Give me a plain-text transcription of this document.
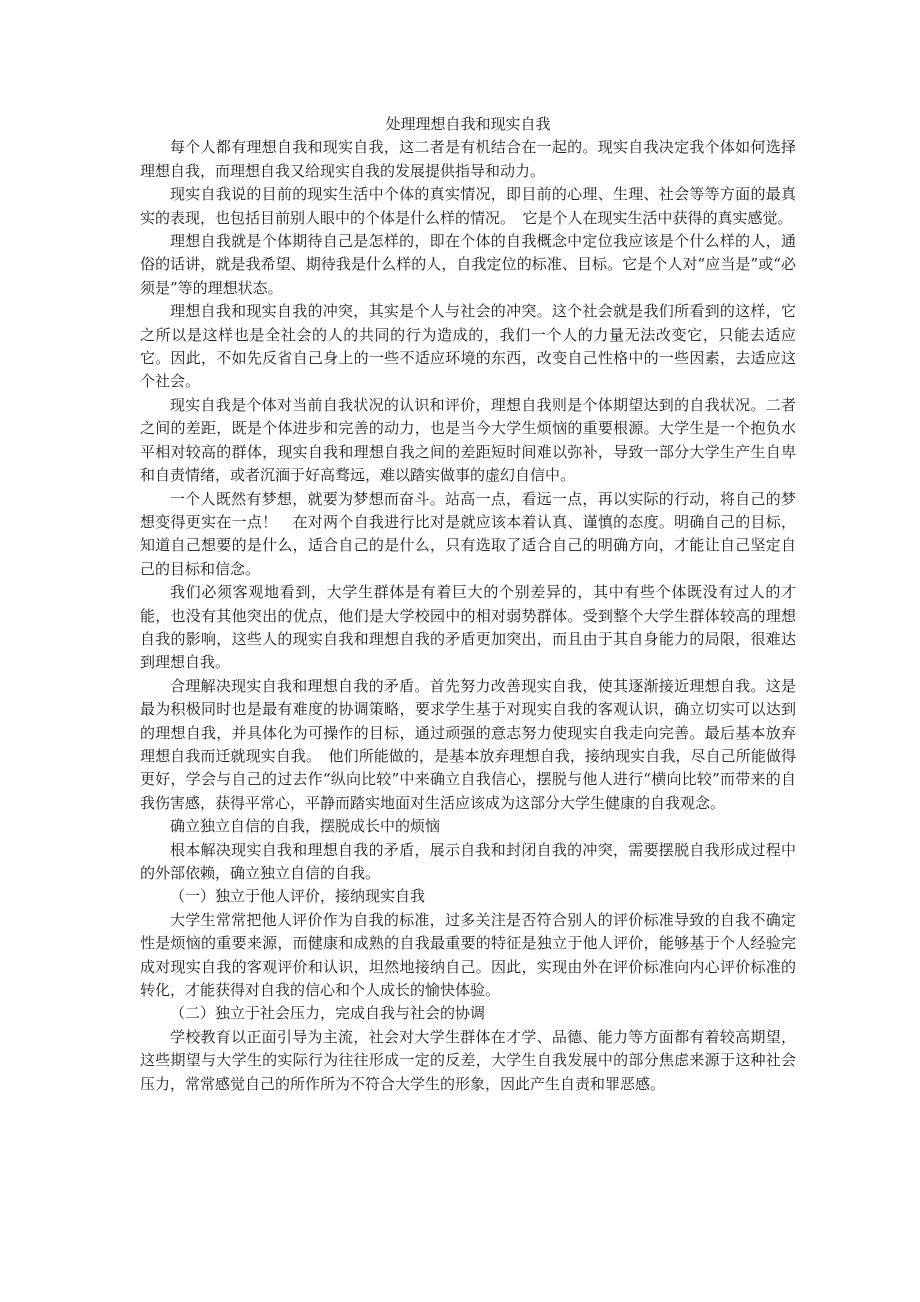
处理理想自我和现实自我

每个人都有理想自我和现实自我，这二者是有机结合在一起的。现实自我决定我个体如何选择理想自我，而理想自我又给现实自我的发展提供指导和动力。

现实自我说的目前的现实生活中个体的真实情况，即目前的心理、生理、社会等等方面的最真实的表现，也包括目前别人眼中的个体是什么样的情况。　它是个人在现实生活中获得的真实感觉。

理想自我就是个体期待自己是怎样的，即在个体的自我概念中定位我应该是个什么样的人，通俗的话讲，就是我希望、期待我是什么样的人，自我定位的标准、目标。它是个人对“应当是”或“必须是”等的理想状态。

理想自我和现实自我的冲突，其实是个人与社会的冲突。这个社会就是我们所看到的这样，它之所以是这样也是全社会的人的共同的行为造成的，我们一个人的力量无法改变它，只能去适应它。因此，不如先反省自己身上的一些不适应环境的东西，改变自己性格中的一些因素，去适应这个社会。

现实自我是个体对当前自我状况的认识和评价，理想自我则是个体期望达到的自我状况。二者之间的差距，既是个体进步和完善的动力，也是当今大学生烦恼的重要根源。大学生是一个抱负水平相对较高的群体，现实自我和理想自我之间的差距短时间难以弥补，导致一部分大学生产生自卑和自责情绪，或者沉湎于好高骛远，难以踏实做事的虚幻自信中。

一个人既然有梦想，就要为梦想而奋斗。站高一点，看远一点，再以实际的行动，将自己的梦想变得更实在一点！　在对两个自我进行比对是就应该本着认真、谨慎的态度。明确自己的目标，知道自己想要的是什么，适合自己的是什么，只有选取了适合自己的明确方向，才能让自己坚定自己的目标和信念。

我们必须客观地看到，大学生群体是有着巨大的个别差异的，其中有些个体既没有过人的才能，也没有其他突出的优点，他们是大学校园中的相对弱势群体。受到整个大学生群体较高的理想自我的影响，这些人的现实自我和理想自我的矛盾更加突出，而且由于其自身能力的局限，很难达到理想自我。

合理解决现实自我和理想自我的矛盾。首先努力改善现实自我，使其逐渐接近理想自我。这是最为积极同时也是最有难度的协调策略，要求学生基于对现实自我的客观认识，确立切实可以达到的理想自我，并具体化为可操作的目标，通过顽强的意志努力使现实自我走向完善。最后基本放弃理想自我而迁就现实自我。　他们所能做的，是基本放弃理想自我，接纳现实自我，尽自己所能做得更好，学会与自己的过去作“纵向比较”中来确立自我信心，摆脱与他人进行“横向比较”而带来的自我伤害感，获得平常心，平静而踏实地面对生活应该成为这部分大学生健康的自我观念。

确立独立自信的自我，摆脱成长中的烦恼

根本解决现实自我和理想自我的矛盾，展示自我和封闭自我的冲突，需要摆脱自我形成过程中的外部依赖，确立独立自信的自我。

（一）独立于他人评价，接纳现实自我

大学生常常把他人评价作为自我的标准，过多关注是否符合别人的评价标准导致的自我不确定性是烦恼的重要来源，而健康和成熟的自我最重要的特征是独立于他人评价，能够基于个人经验完成对现实自我的客观评价和认识，坦然地接纳自己。因此，实现由外在评价标准向内心评价标准的转化，才能获得对自我的信心和个人成长的愉快体验。

（二）独立于社会压力，完成自我与社会的协调

学校教育以正面引导为主流，社会对大学生群体在才学、品德、能力等方面都有着较高期望，这些期望与大学生的实际行为往往形成一定的反差，大学生自我发展中的部分焦虑来源于这种社会压力，常常感觉自己的所作所为不符合大学生的形象，因此产生自责和罪恶感。
